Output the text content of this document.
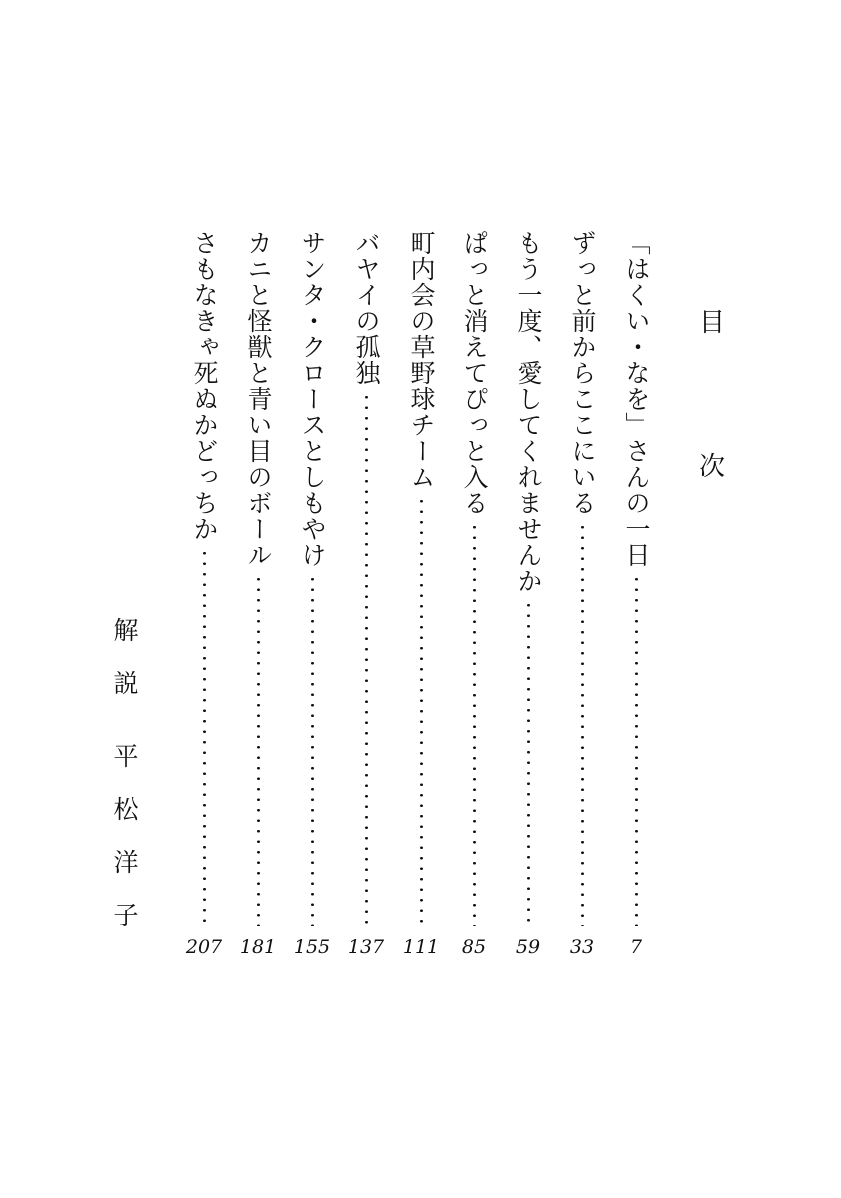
目
次
「はくい・なを」さんの一日
7
ずっと前からここにいる
33
もう一度、愛してくれませんか
59
ぱっと消えてぴっと入る
85
町内会の草野球チーム
111
バヤイの孤独
137
サンタ・クロースとしもやけ
155
カニと怪獣と青い目のボール
181
さもなきゃ死ぬかどっちか
207
解
説
平
松
洋
子
